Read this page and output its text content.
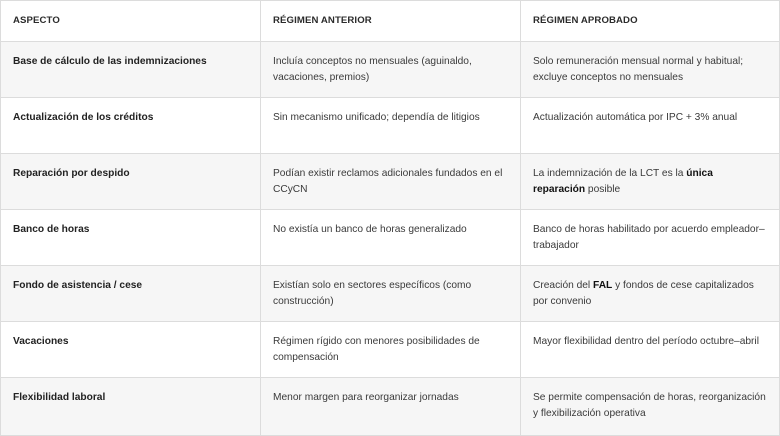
ASPECTO	RÉGIMEN ANTERIOR	RÉGIMEN APROBADO
Base de cálculo de las indemnizaciones	Incluía conceptos no mensuales (aguinaldo, vacaciones, premios)	Solo remuneración mensual normal y habitual; excluye conceptos no mensuales
Actualización de los créditos	Sin mecanismo unificado; dependía de litigios	Actualización automática por IPC + 3% anual
Reparación por despido	Podían existir reclamos adicionales fundados en el CCyCN	La indemnización de la LCT es la única reparación posible
Banco de horas	No existía un banco de horas generalizado	Banco de horas habilitado por acuerdo empleador–trabajador
Fondo de asistencia / cese	Existían solo en sectores específicos (como construcción)	Creación del FAL y fondos de cese capitalizados por convenio
Vacaciones	Régimen rígido con menores posibilidades de compensación	Mayor flexibilidad dentro del período octubre–abril
Flexibilidad laboral	Menor margen para reorganizar jornadas	Se permite compensación de horas, reorganización y flexibilización operativa
